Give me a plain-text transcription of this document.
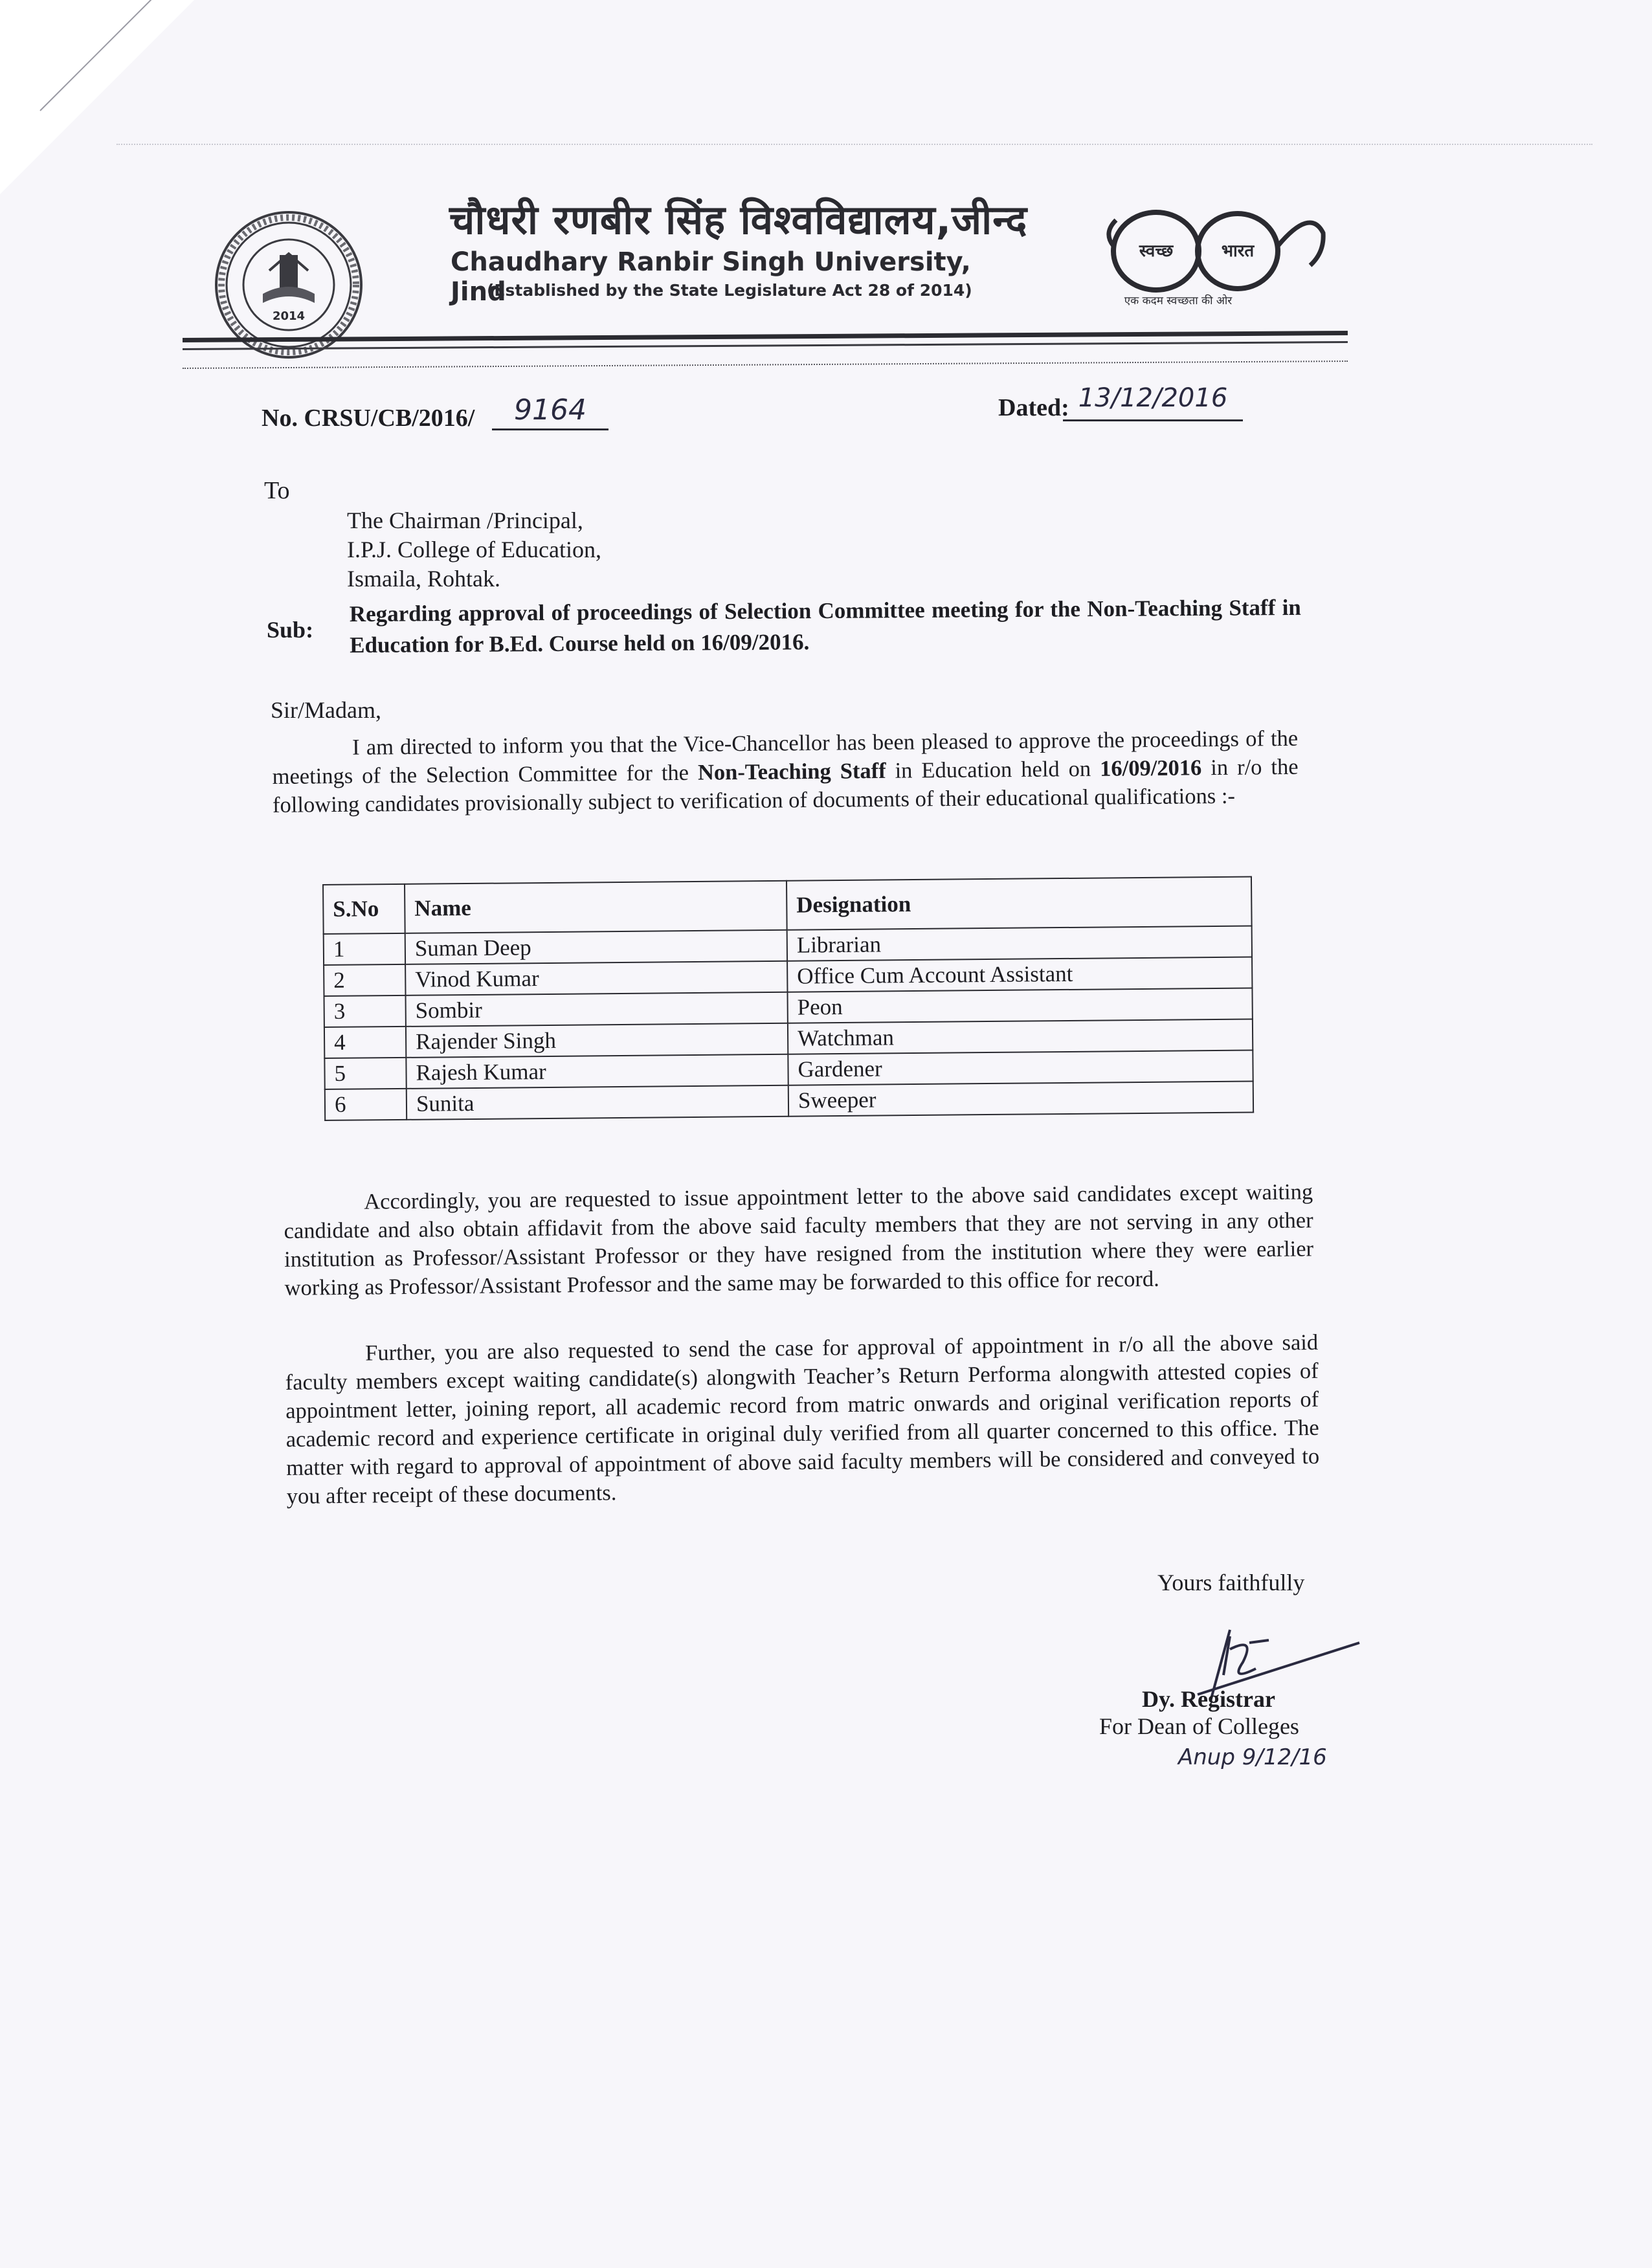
2014
चौधरी रणबीर सिंह विश्वविद्यालय,जीन्द
Chaudhary Ranbir Singh University, Jind
(Established by the State Legislature Act 28 of 2014)
स्वच्छ	भारत
एक कदम स्वच्छता की ओर
No. CRSU/CB/2016/	9164	Dated: 13/12/2016
To
The Chairman /Principal,
I.P.J. College of Education,
Ismaila, Rohtak.
Sub:
Regarding approval of proceedings of Selection Committee meeting for the Non-Teaching Staff in Education for B.Ed. Course held on 16/09/2016.
Sir/Madam,
I am directed to inform you that the Vice-Chancellor has been pleased to approve the proceedings of the meetings of the Selection Committee for the Non-Teaching Staff in Education held on 16/09/2016 in r/o the following candidates provisionally subject to verification of documents of their educational qualifications :-
S.No	Name	Designation
1	Suman Deep	Librarian
2	Vinod Kumar	Office Cum Account Assistant
3	Sombir	Peon
4	Rajender Singh	Watchman
5	Rajesh Kumar	Gardener
6	Sunita	Sweeper
Accordingly, you are requested to issue appointment letter to the above said candidates except waiting candidate and also obtain affidavit from the above said faculty members that they are not serving in any other institution as Professor/Assistant Professor or they have resigned from the institution where they were earlier working as Professor/Assistant Professor and the same may be forwarded to this office for record.
Further, you are also requested to send the case for approval of appointment in r/o all the above said faculty members except waiting candidate(s) alongwith Teacher’s Return Performa alongwith attested copies of appointment letter, joining report, all academic record from matric onwards and original verification reports of academic record and experience certificate in original duly verified from all quarter concerned to this office. The matter with regard to approval of appointment of above said faculty members will be considered and conveyed to you after receipt of these documents.
Yours faithfully
Dy. Registrar
For Dean of Colleges
Anup 9/12/16
